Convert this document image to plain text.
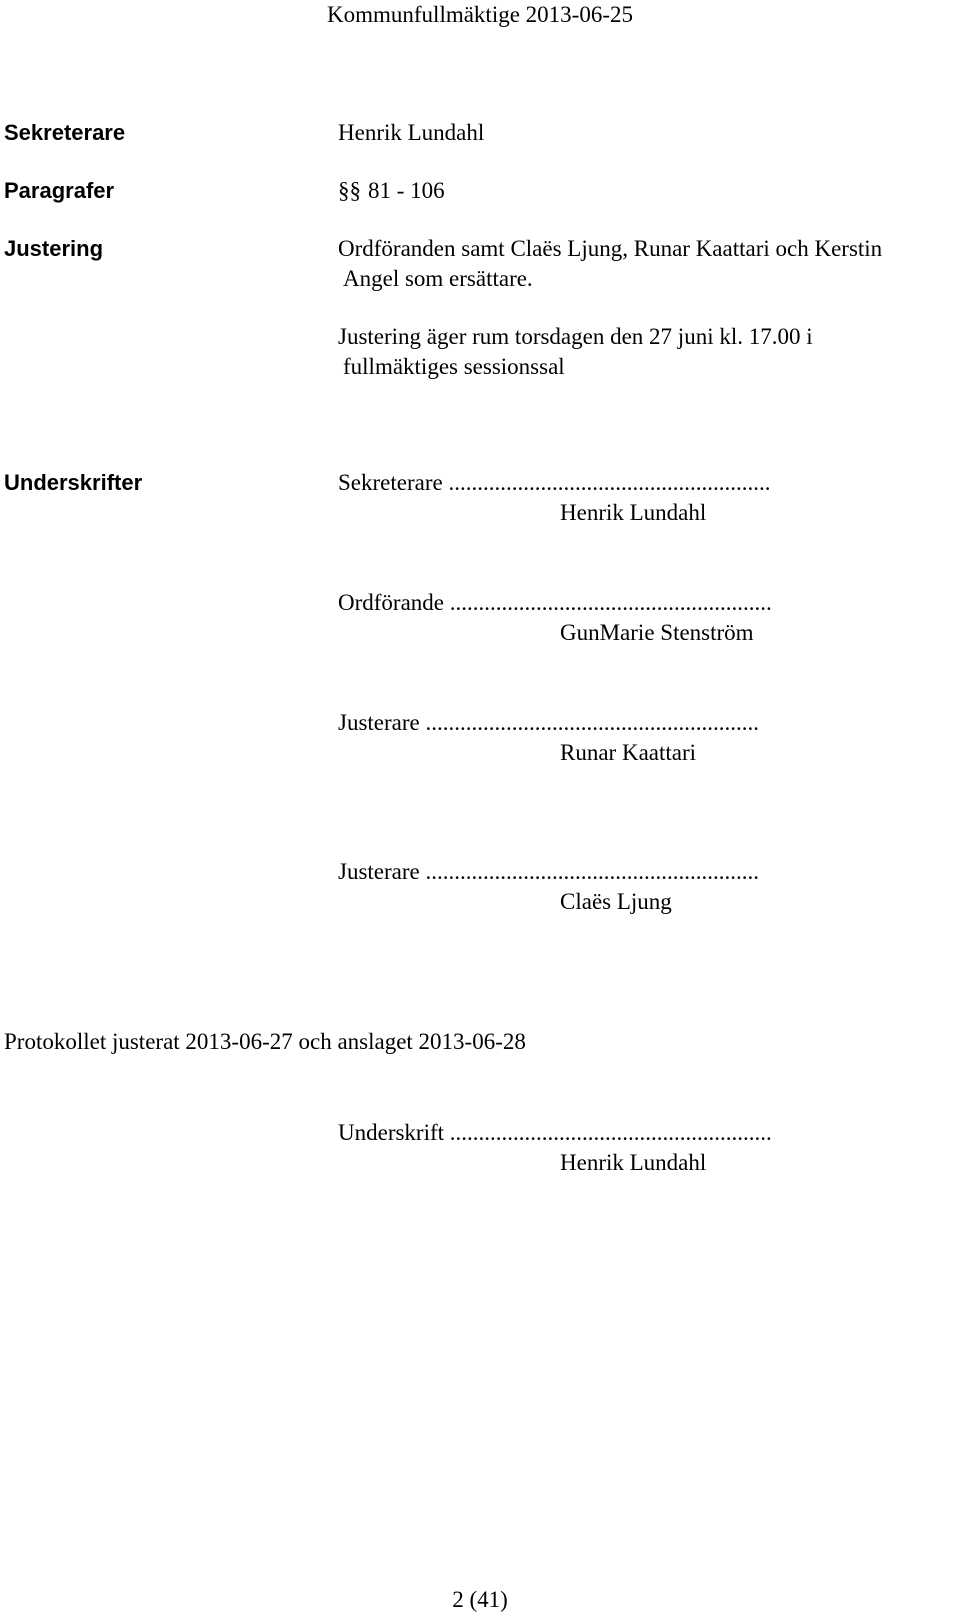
Kommunfullmäktige 2013-06-25
Sekreterare	Henrik Lundahl
Paragrafer	§§ 81 - 106
Justering	Ordföranden samt Claës Ljung, Runar Kaattari och Kerstin
Angel som ersättare.
Justering äger rum torsdagen den 27 juni kl. 17.00 i
fullmäktiges sessionssal
Underskrifter	Sekreterare ........................................................
Henrik Lundahl
Ordförande ........................................................
GunMarie Stenström
Justerare ..........................................................
Runar Kaattari
Justerare ..........................................................
Claës Ljung
Protokollet justerat 2013-06-27 och anslaget 2013-06-28
Underskrift ........................................................
Henrik Lundahl
2 (41)
